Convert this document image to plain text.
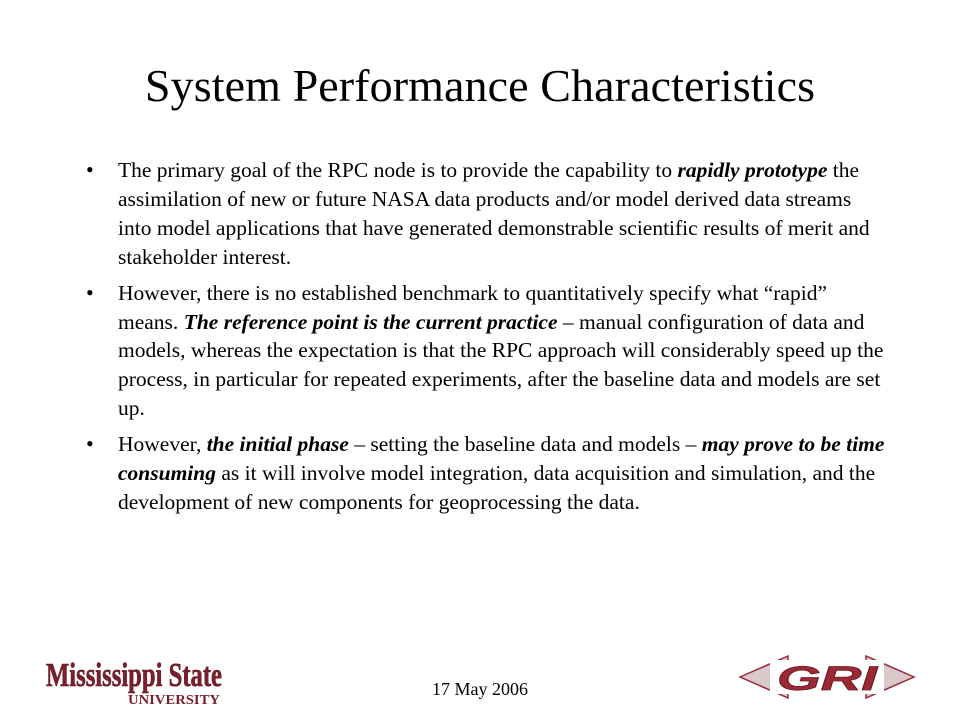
System Performance Characteristics
• The primary goal of the RPC node is to provide the capability to rapidly prototype the assimilation of new or future NASA data products and/or model derived data streams into model applications that have generated demonstrable scientific results of merit and stakeholder interest.
• However, there is no established benchmark to quantitatively specify what “rapid” means. The reference point is the current practice – manual configuration of data and models, whereas the expectation is that the RPC approach will considerably speed up the process, in particular for repeated experiments, after the baseline data and models are set up.
• However, the initial phase – setting the baseline data and models – may prove to be time consuming as it will involve model integration, data acquisition and simulation, and the development of new components for geoprocessing the data.
Mississippi State
UNIVERSITY
GRI
17 May 2006
